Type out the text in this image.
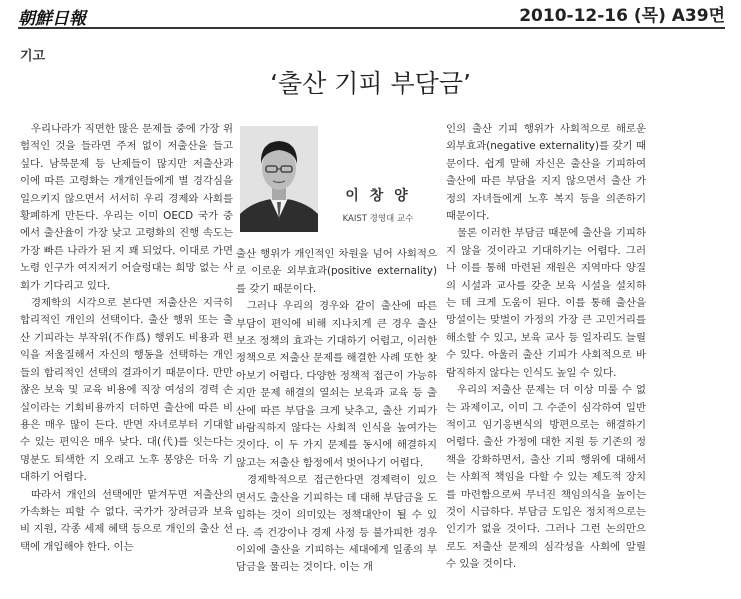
朝鮮日報	2010-12-16 (목) A39면
기고
‘출산 기피 부담금’

우리나라가 직면한 많은 문제들 중에 가장 위험적인 것을 들라면 주저 없이 저출산을 들고 싶다. 남북문제 등 난제들이 많지만 저출산과 이에 따른 고령화는 개개인들에게 별 경각심을 일으키지 않으면서 서서히 우리 경제와 사회를 황폐하게 만든다. 우리는 이미 OECD 국가 중에서 출산율이 가장 낮고 고령화의 진행 속도는 가장 빠른 나라가 된 지 꽤 되었다. 이대로 가면 노령 인구가 여지저기 어슬렁대는 희망 없는 사회가 기다리고 있다.

경제학의 시각으로 본다면 저출산은 지극히 합리적인 개인의 선택이다. 출산 행위 또는 출산 기피라는 부작위(不作爲) 행위도 비용과 편익을 저울질해서 자신의 행동을 선택하는 개인들의 합리적인 선택의 결과이기 때문이다. 만만찮은 보육 및 교육 비용에 직장 여성의 경력 손실이라는 기회비용까지 더하면 출산에 따른 비용은 매우 많이 든다. 반면 자녀로부터 기대할 수 있는 편익은 매우 낮다. 대(代)를 잇는다는 명분도 퇴색한 지 오래고 노후 봉양은 더욱 기대하기 어렵다.

따라서 개인의 선택에만 맡겨두면 저출산의 가속화는 피할 수 없다. 국가가 장려금과 보육비 지원, 각종 세제 혜택 등으로 개인의 출산 선택에 개입해야 한다. 이는

이 창 양
KAIST 경영대 교수

출산 행위가 개인적인 차원을 넘어 사회적으로 이로운 외부효과(positive externality)를 갖기 때문이다.

그러나 우리의 경우와 같이 출산에 따른 부담이 편익에 비해 지나치게 큰 경우 출산 보조 정책의 효과는 기대하기 어렵고, 이러한 정책으로 저출산 문제를 해결한 사례 또한 찾아보기 어렵다. 다양한 정책적 접근이 가능하지만 문제 해결의 열쇠는 보육과 교육 등 출산에 따른 부담을 크게 낮추고, 출산 기피가 바람직하지 않다는 사회적 인식을 높여가는 것이다. 이 두 가지 문제를 동시에 해결하지 않고는 저출산 함정에서 벗어나기 어렵다.

경제학적으로 접근한다면 경제력이 있으면서도 출산을 기피하는 데 대해 부담금을 도입하는 것이 의미있는 정책대안이 될 수 있다. 즉 건강이나 경제 사정 등 불가피한 경우 이외에 출산을 기피하는 세대에게 일종의 부담금을 물리는 것이다. 이는 개

인의 출산 기피 행위가 사회적으로 해로운 외부효과(negative externality)를 갖기 때문이다. 쉽게 말해 자신은 출산을 기피하여 출산에 따른 부담을 지지 않으면서 출산 가정의 자녀들에게 노후 복지 등을 의존하기 때문이다.

물론 이러한 부담금 때문에 출산을 기피하지 않을 것이라고 기대하기는 어렵다. 그러나 이를 통해 마련된 재원은 지역마다 양질의 시설과 교사를 갖춘 보육 시설을 설치하는 데 크게 도움이 된다. 이를 통해 출산을 망설이는 맞벌이 가정의 가장 큰 고민거리를 해소할 수 있고, 보육 교사 등 일자리도 늘릴 수 있다. 아울러 출산 기피가 사회적으로 바람직하지 않다는 인식도 높일 수 있다.

우리의 저출산 문제는 더 이상 미룰 수 없는 과제이고, 이미 그 수준이 심각하여 일반적이고 임기응변식의 방편으로는 해결하기 어렵다. 출산 가정에 대한 지원 등 기존의 정책을 강화하면서, 출산 기피 행위에 대해서는 사회적 책임을 다할 수 있는 제도적 장치를 마련함으로써 무너진 책임의식을 높이는 것이 시급하다. 부담금 도입은 정치적으로는 인기가 없을 것이다. 그러나 그런 논의만으로도 저출산 문제의 심각성을 사회에 알릴 수 있을 것이다.
